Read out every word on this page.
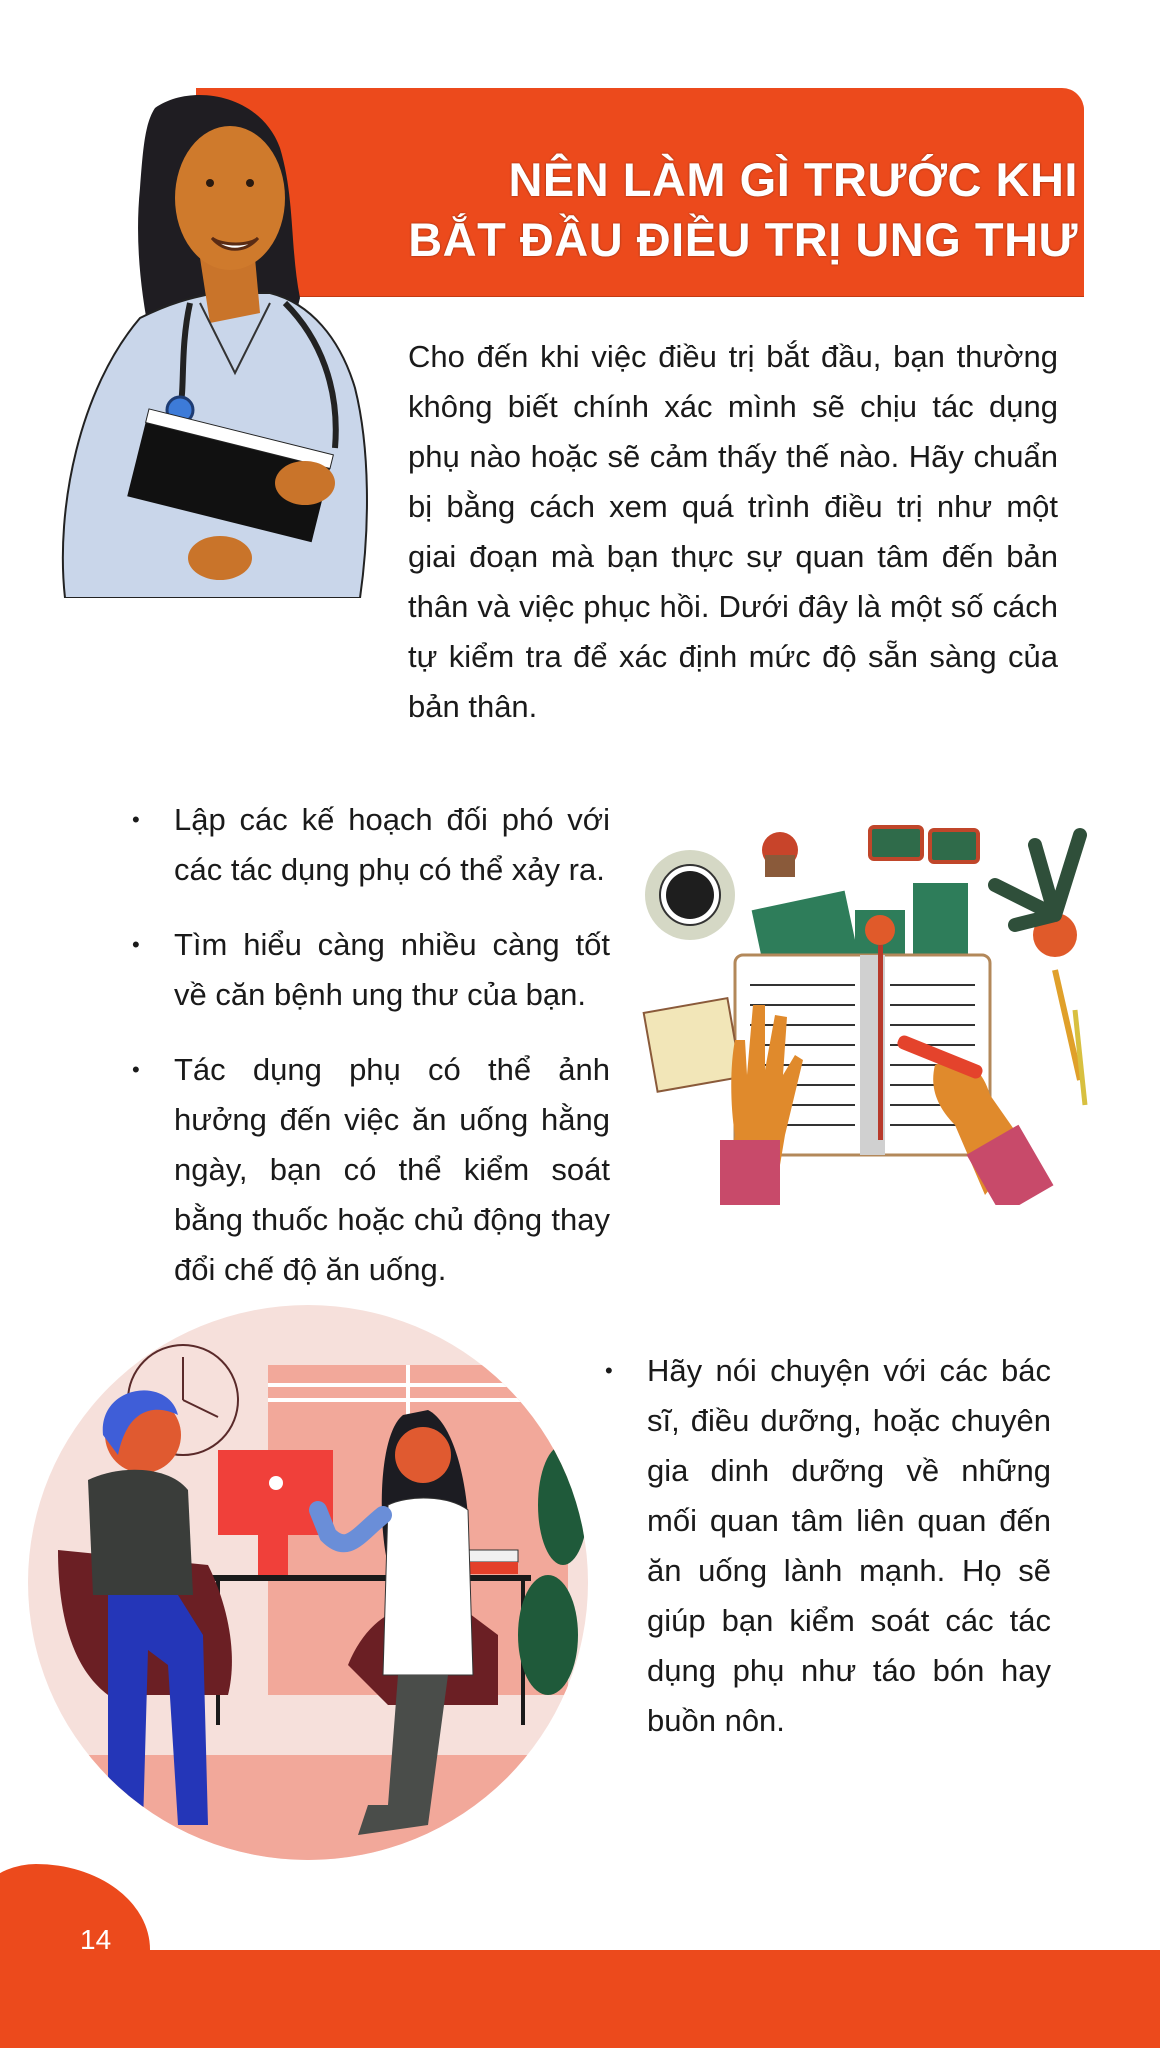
NÊN LÀM GÌ TRƯỚC KHI
BẮT ĐẦU ĐIỀU TRỊ UNG THƯ

Cho đến khi việc điều trị bắt đầu, bạn thường không biết chính xác mình sẽ chịu tác dụng phụ nào hoặc sẽ cảm thấy thế nào. Hãy chuẩn bị bằng cách xem quá trình điều trị như một giai đoạn mà bạn thực sự quan tâm đến bản thân và việc phục hồi. Dưới đây là một số cách tự kiểm tra để xác định mức độ sẵn sàng của bản thân.

• Lập các kế hoạch đối phó với các tác dụng phụ có thể xảy ra.
• Tìm hiểu càng nhiều càng tốt về căn bệnh ung thư của bạn.
• Tác dụng phụ có thể ảnh hưởng đến việc ăn uống hằng ngày, bạn có thể kiểm soát bằng thuốc hoặc chủ động thay đổi chế độ ăn uống.
• Hãy nói chuyện với các bác sĩ, điều dưỡng, hoặc chuyên gia dinh dưỡng về những mối quan tâm liên quan đến ăn uống lành mạnh. Họ sẽ giúp bạn kiểm soát các tác dụng phụ như táo bón hay buồn nôn.
14
